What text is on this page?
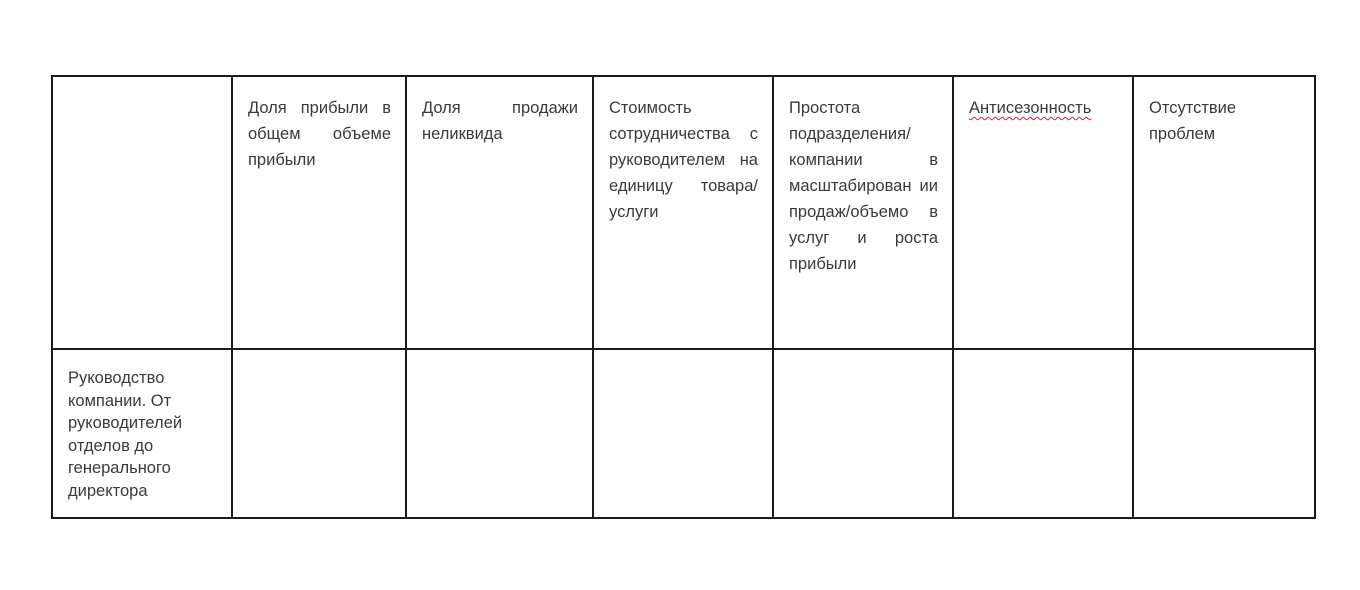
	Доля прибыли в общем объеме прибыли	Доля продажи неликвида	Стоимость сотрудничества с руководителем на единицу товара/услуги	Простота подразделения/ компании в масштабирован ии продаж/объемо в услуг и роста прибыли	Антисезонность	Отсутствие проблем
Руководство компании. От руководителей отделов до генерального директора						
